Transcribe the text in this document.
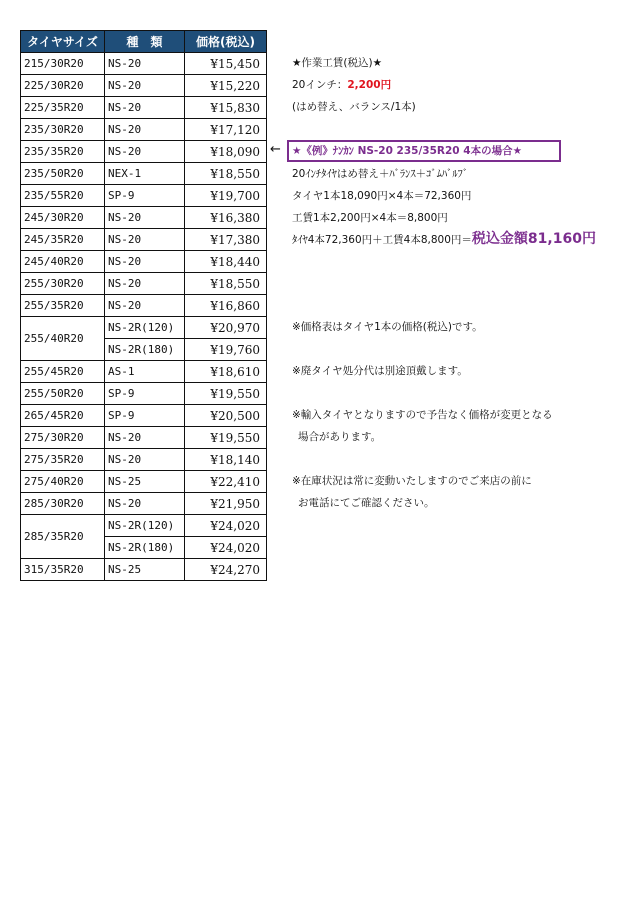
タイヤサイズ	種　類	価格(税込)
215/30R20	NS-20	¥15,450
225/30R20	NS-20	¥15,220
225/35R20	NS-20	¥15,830
235/30R20	NS-20	¥17,120
235/35R20	NS-20	¥18,090
235/50R20	NEX-1	¥18,550
235/55R20	SP-9	¥19,700
245/30R20	NS-20	¥16,380
245/35R20	NS-20	¥17,380
245/40R20	NS-20	¥18,440
255/30R20	NS-20	¥18,550
255/35R20	NS-20	¥16,860
255/40R20	NS-2R(120)	¥20,970
	NS-2R(180)	¥19,760
255/45R20	AS-1	¥18,610
255/50R20	SP-9	¥19,550
265/45R20	SP-9	¥20,500
275/30R20	NS-20	¥19,550
275/35R20	NS-20	¥18,140
275/40R20	NS-25	¥22,410
285/30R20	NS-20	¥21,950
285/35R20	NS-2R(120)	¥24,020
	NS-2R(180)	¥24,020
315/35R20	NS-25	¥24,270
★作業工賃(税込)★
20インチ：2,200円
(はめ替え、バランス/1本)
←	★《例》ﾅﾝｶﾝ NS-20 235/35R20 4本の場合★
20ｲﾝﾁﾀｲﾔはめ替え＋ﾊﾞﾗﾝｽ＋ｺﾞﾑﾊﾞﾙﾌﾞ
タイヤ1本18,090円×4本＝72,360円
工賃1本2,200円×4本＝8,800円
ﾀｲﾔ4本72,360円＋工賃4本8,800円＝税込金額81,160円
※価格表はタイヤ1本の価格(税込)です。
※廃タイヤ処分代は別途頂戴します。
※輸入タイヤとなりますので予告なく価格が変更となる
場合があります。
※在庫状況は常に変動いたしますのでご来店の前に
お電話にてご確認ください。
